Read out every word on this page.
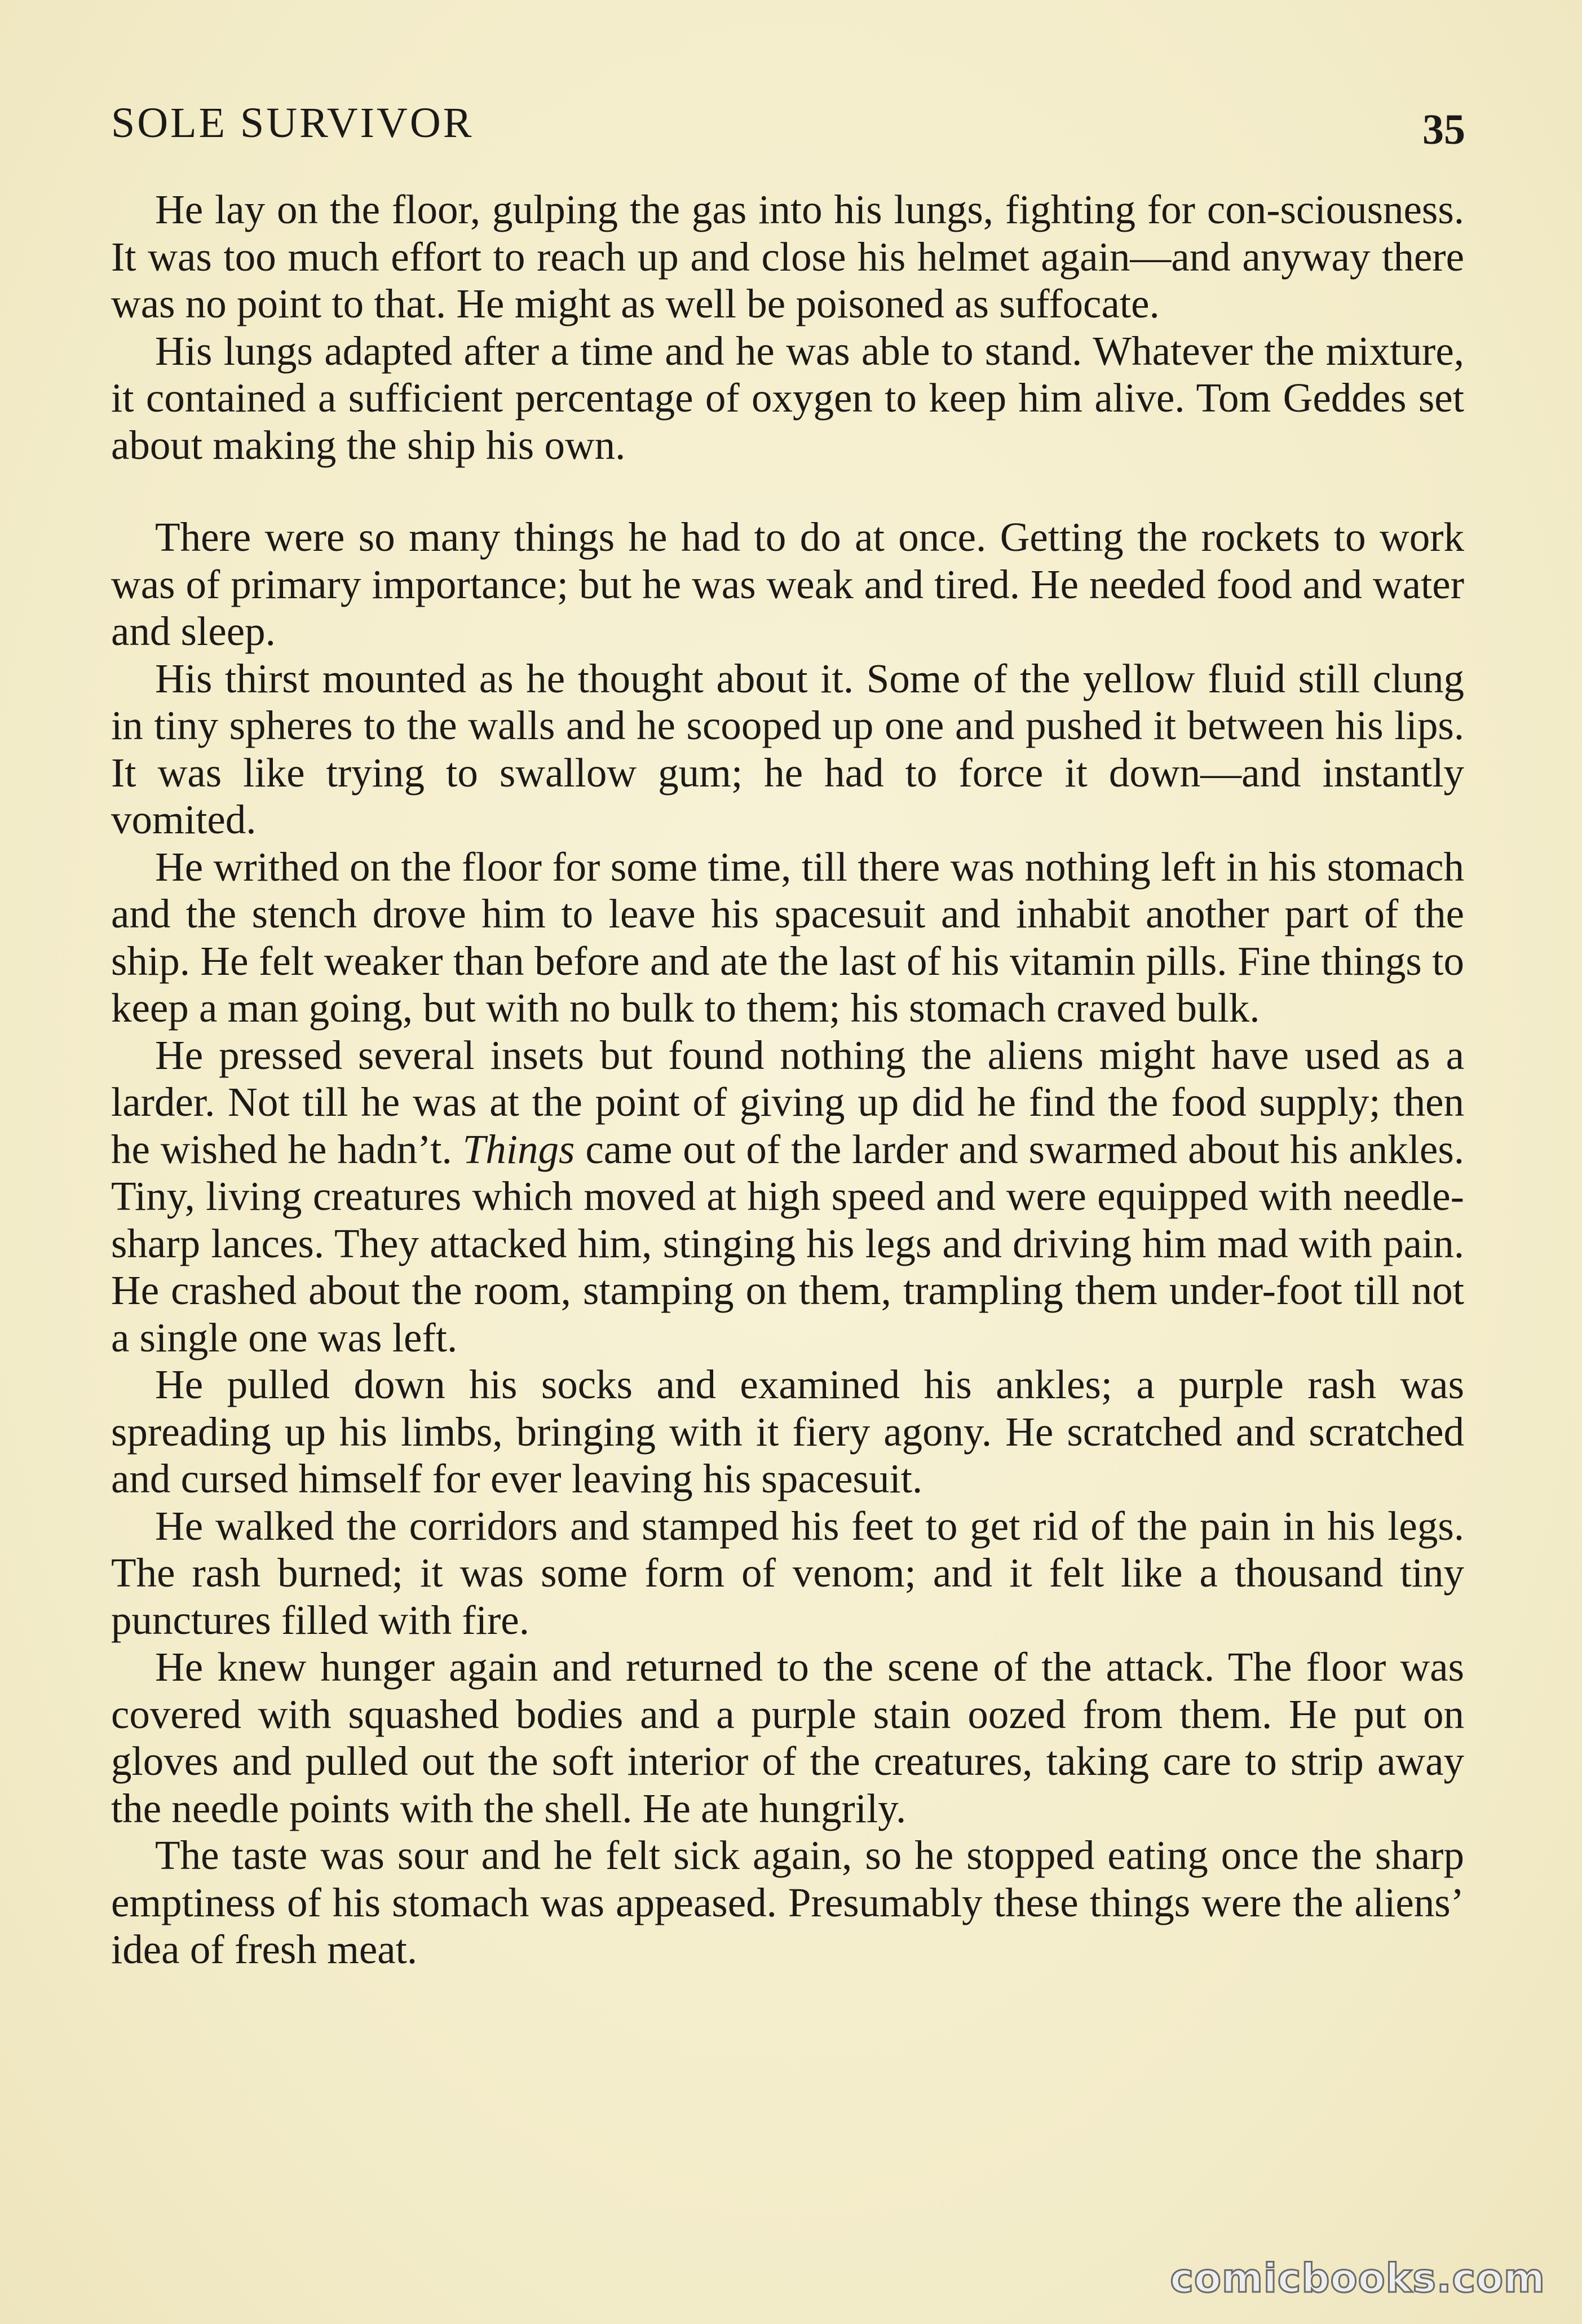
SOLE SURVIVOR	35

He lay on the floor, gulping the gas into his lungs, fighting for con-sciousness. It was too much effort to reach up and close his helmet again—and anyway there was no point to that. He might as well be poisoned as suffocate.

His lungs adapted after a time and he was able to stand. Whatever the mixture, it contained a sufficient percentage of oxygen to keep him alive. Tom Geddes set about making the ship his own.

There were so many things he had to do at once. Getting the rockets to work was of primary importance; but he was weak and tired. He needed food and water and sleep.

His thirst mounted as he thought about it. Some of the yellow fluid still clung in tiny spheres to the walls and he scooped up one and pushed it between his lips. It was like trying to swallow gum; he had to force it down—and instantly vomited.

He writhed on the floor for some time, till there was nothing left in his stomach and the stench drove him to leave his spacesuit and inhabit another part of the ship. He felt weaker than before and ate the last of his vitamin pills. Fine things to keep a man going, but with no bulk to them; his stomach craved bulk.

He pressed several insets but found nothing the aliens might have used as a larder. Not till he was at the point of giving up did he find the food supply; then he wished he hadn’t. Things came out of the larder and swarmed about his ankles. Tiny, living creatures which moved at high speed and were equipped with needle-sharp lances. They attacked him, stinging his legs and driving him mad with pain. He crashed about the room, stamping on them, trampling them under-foot till not a single one was left.

He pulled down his socks and examined his ankles; a purple rash was spreading up his limbs, bringing with it fiery agony. He scratched and scratched and cursed himself for ever leaving his spacesuit.

He walked the corridors and stamped his feet to get rid of the pain in his legs. The rash burned; it was some form of venom; and it felt like a thousand tiny punctures filled with fire.

He knew hunger again and returned to the scene of the attack. The floor was covered with squashed bodies and a purple stain oozed from them. He put on gloves and pulled out the soft interior of the creatures, taking care to strip away the needle points with the shell. He ate hungrily.

The taste was sour and he felt sick again, so he stopped eating once the sharp emptiness of his stomach was appeased. Presumably these things were the aliens’ idea of fresh meat.

comicbooks.com
